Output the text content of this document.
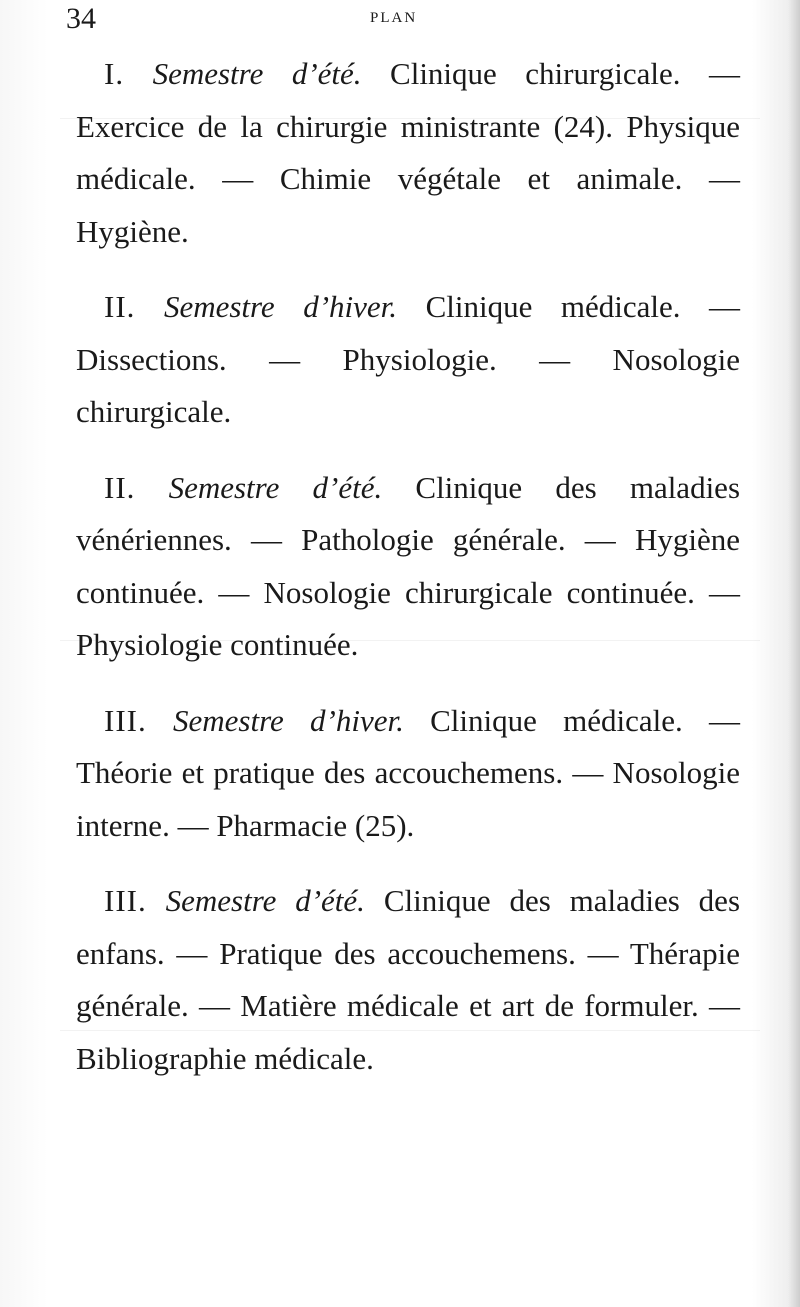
34	PLAN

I. Semestre d’été. Clinique chirurgicale. — Exercice de la chirurgie ministrante (24). Physique médicale. — Chimie végétale et animale. — Hygiène.

II. Semestre d’hiver. Clinique médicale. — Dissections. — Physiologie. — Nosologie chirurgicale.

II. Semestre d’été. Clinique des maladies vénériennes. — Pathologie générale. — Hygiène continuée. — Nosologie chirurgicale continuée. — Physiologie continuée.

III. Semestre d’hiver. Clinique médicale. — Théorie et pratique des accouchemens. — Nosologie interne. — Pharmacie (25).

III. Semestre d’été. Clinique des maladies des enfans. — Pratique des accouchemens. — Thérapie générale. — Matière médicale et art de formuler. — Bibliographie médicale.
